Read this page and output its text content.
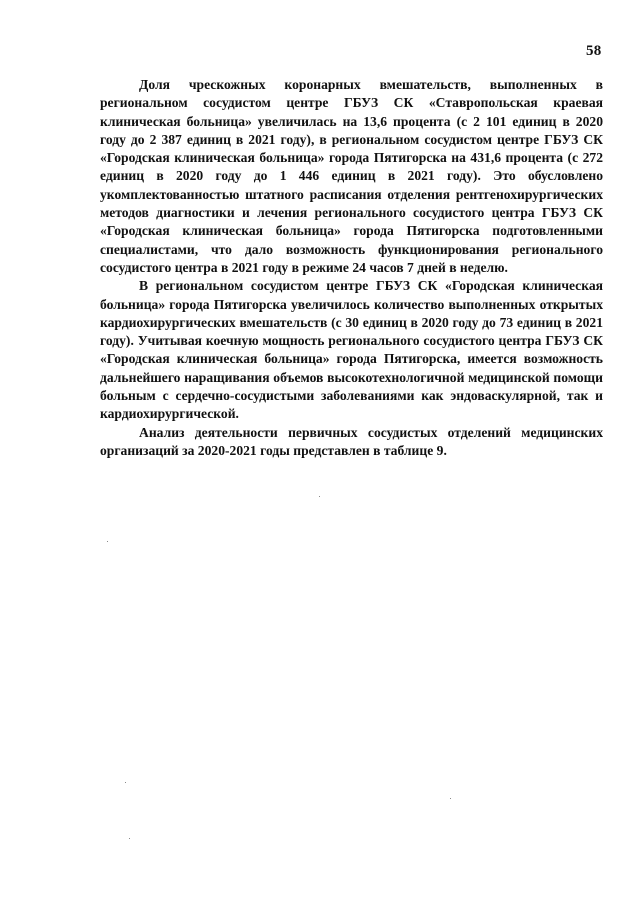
58

Доля чрескожных коронарных вмешательств, выполненных в региональном сосудистом центре ГБУЗ СК «Ставропольская краевая клиническая больница» увеличилась на 13,6 процента (с 2 101 единиц в 2020 году до 2 387 единиц в 2021 году), в региональном сосудистом центре ГБУЗ СК «Городская клиническая больница» города Пятигорска на 431,6 процента (с 272 единиц в 2020 году до 1 446 единиц в 2021 году). Это обусловлено укомплектованностью штатного расписания отделения рентгенохирургических методов диагностики и лечения регионального сосудистого центра ГБУЗ СК «Городская клиническая больница» города Пятигорска подготовленными специалистами, что дало возможность функционирования регионального сосудистого центра в 2021 году в режиме 24 часов 7 дней в неделю.

В региональном сосудистом центре ГБУЗ СК «Городская клиническая больница» города Пятигорска увеличилось количество выполненных открытых кардиохирургических вмешательств (с 30 единиц в 2020 году до 73 единиц в 2021 году). Учитывая коечную мощность регионального сосудистого центра ГБУЗ СК «Городская клиническая больница» города Пятигорска, имеется возможность дальнейшего наращивания объемов высокотехнологичной медицинской помощи больным с сердечно-сосудистыми заболеваниями как эндоваскулярной, так и кардиохирургической.

Анализ деятельности первичных сосудистых отделений медицинских организаций за 2020-2021 годы представлен в таблице 9.
